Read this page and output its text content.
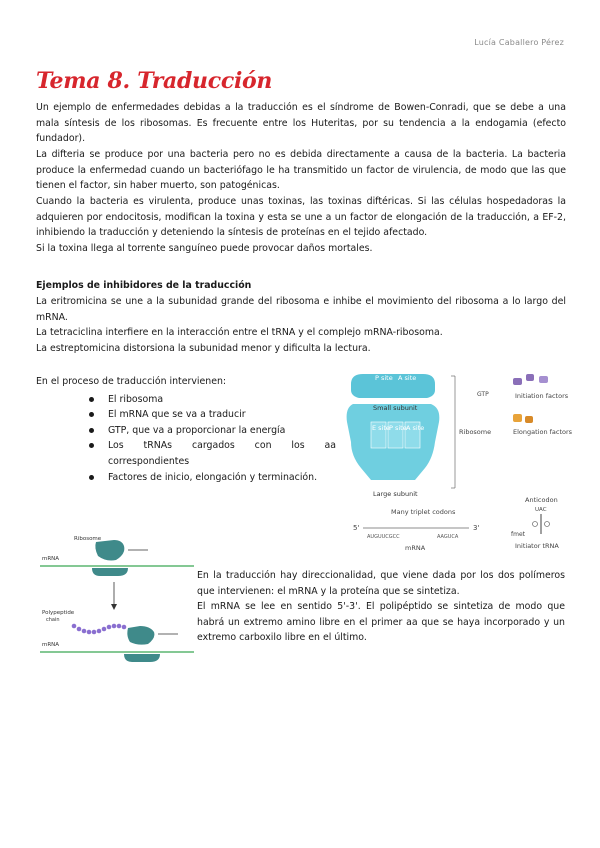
Lucía Caballero Pérez
Tema 8. Traducción

Un ejemplo de enfermedades debidas a la traducción es el síndrome de Bowen-Conradi, que se debe a una mala síntesis de los ribosomas. Es frecuente entre los Huteritas, por su tendencia a la endogamia (efecto fundador).

La difteria se produce por una bacteria pero no es debida directamente a causa de la bacteria. La bacteria produce la enfermedad cuando un bacteriófago le ha transmitido un factor de virulencia, de modo que las que tienen el factor, sin haber muerto, son patogénicas.

Cuando la bacteria es virulenta, produce unas toxinas, las toxinas diftéricas. Si las células hospedadoras la adquieren por endocitosis, modifican la toxina y esta se une a un factor de elongación de la traducción, a EF-2, inhibiendo la traducción y deteniendo la síntesis de proteínas en el tejido afectado.

Si la toxina llega al torrente sanguíneo puede provocar daños mortales.

Ejemplos de inhibidores de la traducción

La eritromicina se une a la subunidad grande del ribosoma e inhibe el movimiento del ribosoma a lo largo del mRNA.

La tetraciclina interfiere en la interacción entre el tRNA y el complejo mRNA-ribosoma.

La estreptomicina distorsiona la subunidad menor y dificulta la lectura.

En el proceso de traducción intervienen:
El ribosoma
El mRNA que se va a traducir
GTP, que va a proporcionar la energía
Los tRNAs cargados con los aa
correspondientes
Factores de inicio, elongación y terminación.
P site A site
Small subunit
E site P site A site
Large subunit
Ribosome
GTP	Initiation factors
Elongation factors
Anticodon
UAC
fmet
Initiator tRNA
Many triplet codons
5'	3'
AUGUUCGCC	AAGUCA
mRNA
Ribosome
mRNA
Polypeptide
chain
mRNA

En la traducción hay direccionalidad, que viene dada por los dos polímeros que intervienen: el mRNA y la proteína que se sintetiza.

El mRNA se lee en sentido 5'-3'. El polipéptido se sintetiza de modo que habrá un extremo amino libre en el primer aa que se haya incorporado y un extremo carboxilo libre en el último.
